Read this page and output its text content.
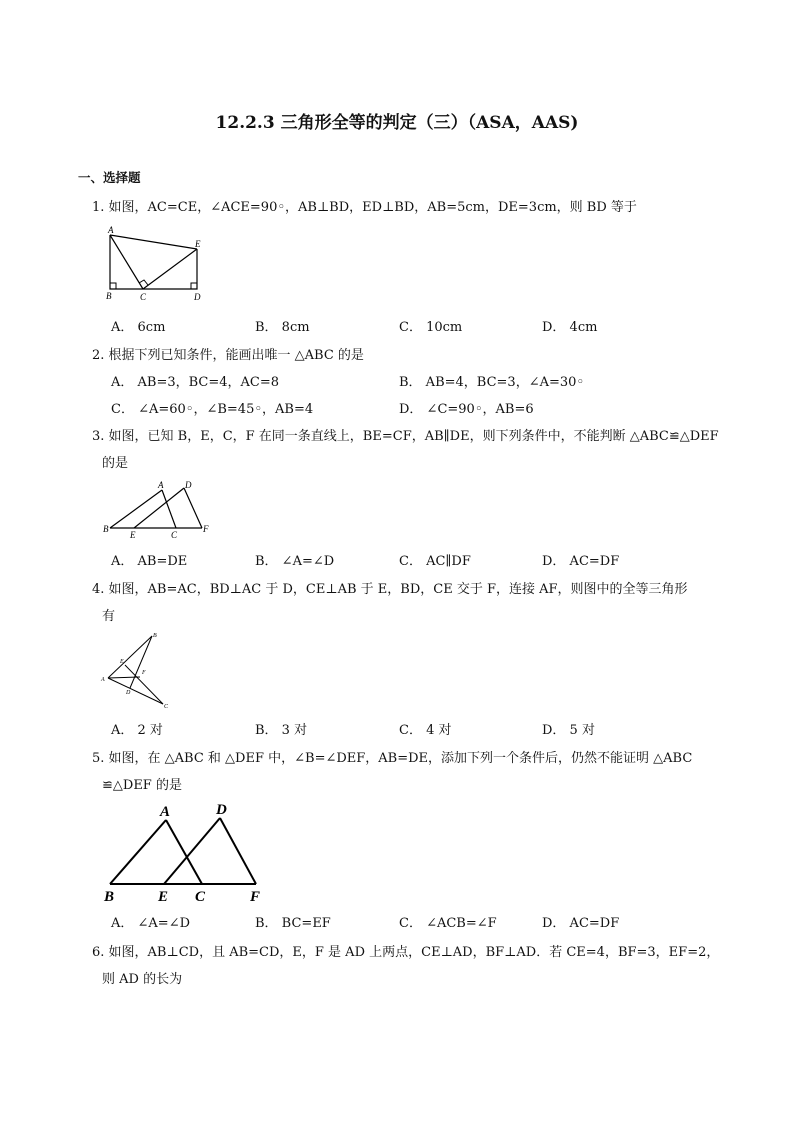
12.2.3 三角形全等的判定（三）（ASA，AAS)
一、选择题
1. 如图，AC=CE，∠ACE=90◦，AB⊥BD，ED⊥BD，AB=5cm，DE=3cm，则 BD 等于
A
B	C	D
E
A． 6cm	B． 8cm	C． 10cm	D． 4cm
2. 根据下列已知条件，能画出唯一 △ABC 的是
A． AB=3，BC=4，AC=8	B． AB=4，BC=3，∠A=30◦
C． ∠A=60◦，∠B=45◦，AB=4	D． ∠C=90◦，AB=6
3. 如图，已知 B，E，C，F 在同一条直线上，BE=CF，AB∥DE，则下列条件中，不能判断 △ABC≌△DEF
的是
A
B
C
D
E
F
A． AB=DE	B． ∠A=∠D	C． AC∥DF	D． AC=DF
4. 如图，AB=AC，BD⊥AC 于 D，CE⊥AB 于 E，BD，CE 交于 F，连接 AF，则图中的全等三角形
有
A
B
C
D
E
F
A． 2 对	B． 3 对	C． 4 对	D． 5 对
5. 如图，在 △ABC 和 △DEF 中，∠B=∠DEF，AB=DE，添加下列一个条件后，仍然不能证明 △ABC
≌△DEF 的是
A
B	C
D
E	F
A． ∠A=∠D	B． BC=EF	C． ∠ACB=∠F	D． AC=DF
6. 如图，AB⊥CD，且 AB=CD，E，F 是 AD 上两点，CE⊥AD，BF⊥AD．若 CE=4，BF=3，EF=2，
则 AD 的长为
